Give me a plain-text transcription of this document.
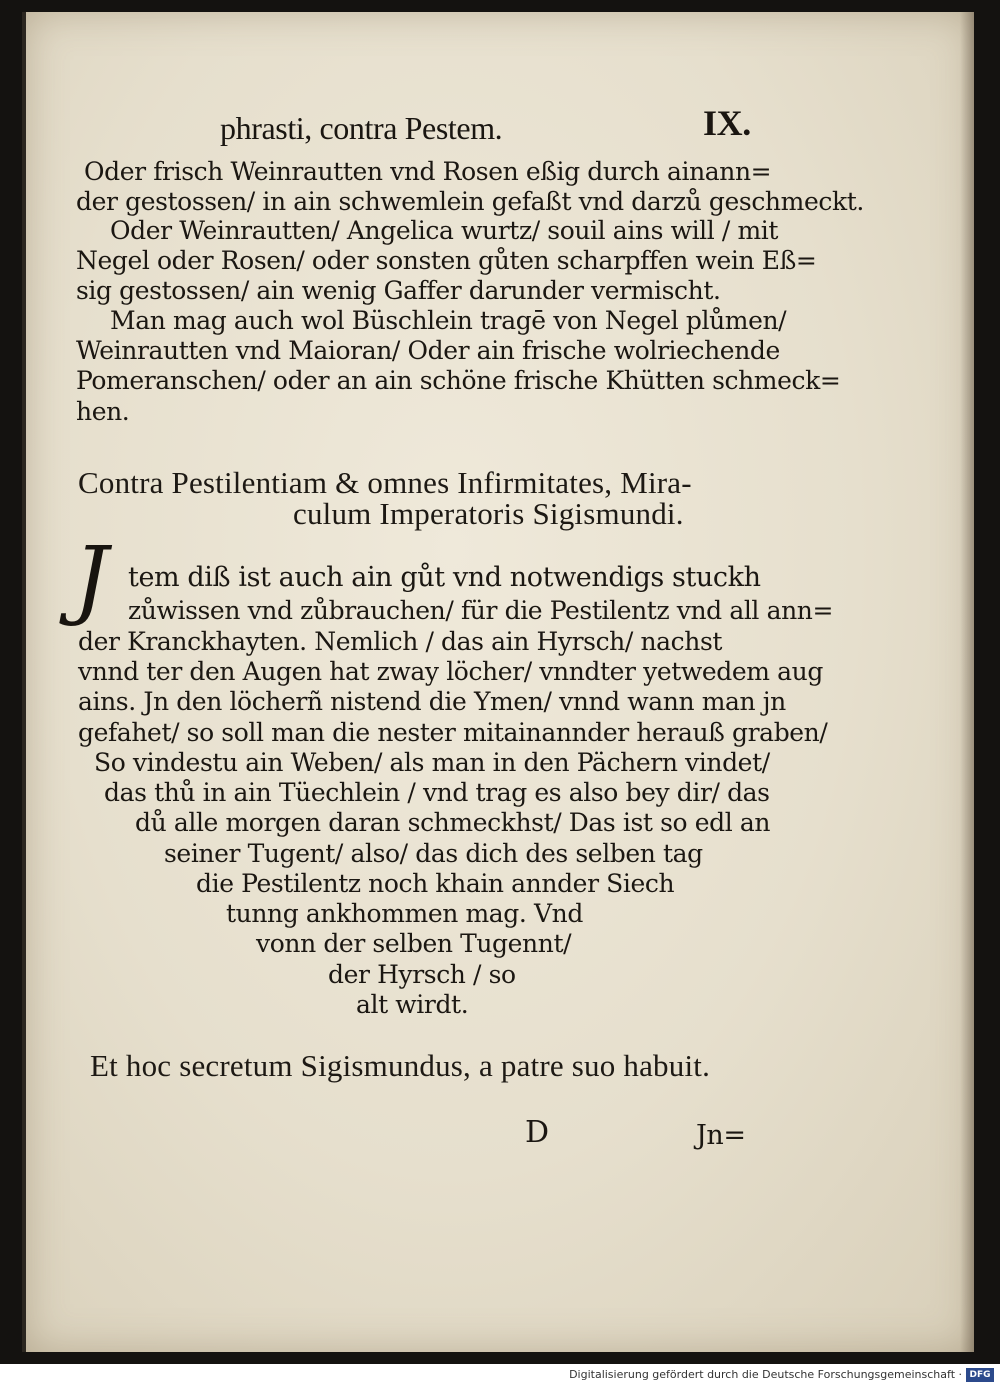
phrasti, contra Pestem.	IX.
Oder frisch Weinrautten vnd Rosen eßig durch ainann=
der gestossen/ in ain schwemlein gefaßt vnd darzů geschmeckt.
Oder Weinrautten/ Angelica wurtz/ souil ains will / mit
Negel oder Rosen/ oder sonsten gůten scharpffen wein Eß=
sig gestossen/ ain wenig Gaffer darunder vermischt.
Man mag auch wol Büschlein tragē von Negel plůmen/
Weinrautten vnd Maioran/ Oder ain frische wolriechende
Pomeranschen/ oder an ain schöne frische Khütten schmeck=
hen.
Contra Pestilentiam & omnes Infirmitates, Mira-
culum Imperatoris Sigismundi.
J tem diß ist auch ain gůt vnd notwendigs stuckh
zůwissen vnd zůbrauchen/ für die Pestilentz vnd all ann=
der Kranckhayten. Nemlich / das ain Hyrsch/ nachst
vnnd ter den Augen hat zway löcher/ vnndter yetwedem aug
ains. Jn den löcherñ nistend die Ymen/ vnnd wann man jn
gefahet/ so soll man die nester mitainannder herauß graben/
So vindestu ain Weben/ als man in den Pächern vindet/
das thů in ain Tüechlein / vnd trag es also bey dir/ das
dů alle morgen daran schmeckhst/ Das ist so edl an
seiner Tugent/ also/ das dich des selben tag
die Pestilentz noch khain annder Siech
tunng ankhommen mag. Vnd
vonn der selben Tugennt/
der Hyrsch / so
alt wirdt.
Et hoc secretum Sigismundus, a patre suo habuit.
D	Jn=
Digitalisierung gefördert durch die Deutsche Forschungsgemeinschaft · DFG
